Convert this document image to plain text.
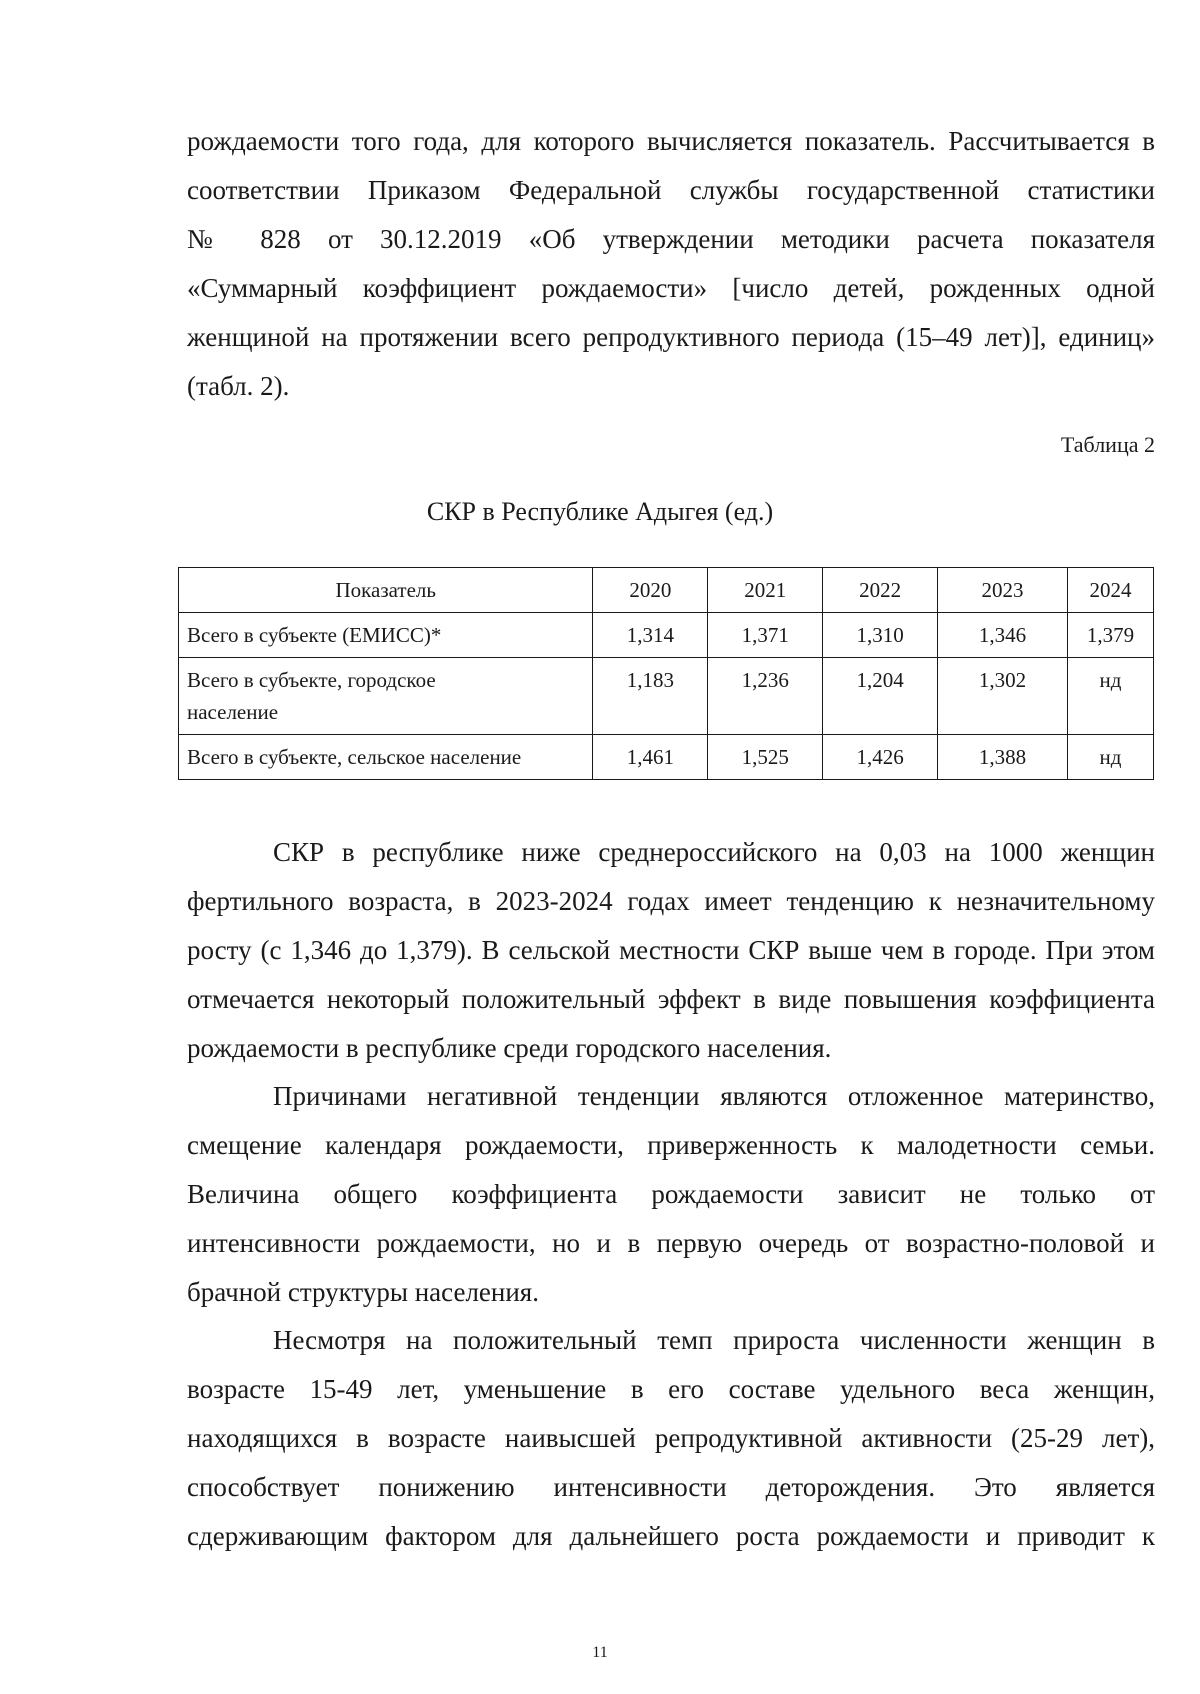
рождаемости того года, для которого вычисляется показатель. Рассчитывается в
соответствии Приказом Федеральной службы государственной статистики
№ 828 от 30.12.2019 «Об утверждении методики расчета показателя
«Суммарный коэффициент рождаемости» [число детей, рожденных одной
женщиной на протяжении всего репродуктивного периода (15–49 лет)], единиц»
(табл. 2).
Таблица 2
СКР в Республике Адыгея (ед.)
Показатель	2020	2021	2022	2023	2024
Всего в субъекте (ЕМИСС)*	1,314	1,371	1,310	1,346	1,379
Всего в субъекте, городское
население	1,183	1,236	1,204	1,302	нд
Всего в субъекте, сельское население	1,461	1,525	1,426	1,388	нд
СКР в республике ниже среднероссийского на 0,03 на 1000 женщин
фертильного возраста, в 2023-2024 годах имеет тенденцию к незначительному
росту (с 1,346 до 1,379). В сельской местности СКР выше чем в городе. При этом
отмечается некоторый положительный эффект в виде повышения коэффициента
рождаемости в республике среди городского населения.
Причинами негативной тенденции являются отложенное материнство,
смещение календаря рождаемости, приверженность к малодетности семьи.
Величина общего коэффициента рождаемости зависит не только от
интенсивности рождаемости, но и в первую очередь от возрастно-половой и
брачной структуры населения.
Несмотря на положительный темп прироста численности женщин в
возрасте 15-49 лет, уменьшение в его составе удельного веса женщин,
находящихся в возрасте наивысшей репродуктивной активности (25-29 лет),
способствует понижению интенсивности деторождения. Это является
сдерживающим фактором для дальнейшего роста рождаемости и приводит к
11
